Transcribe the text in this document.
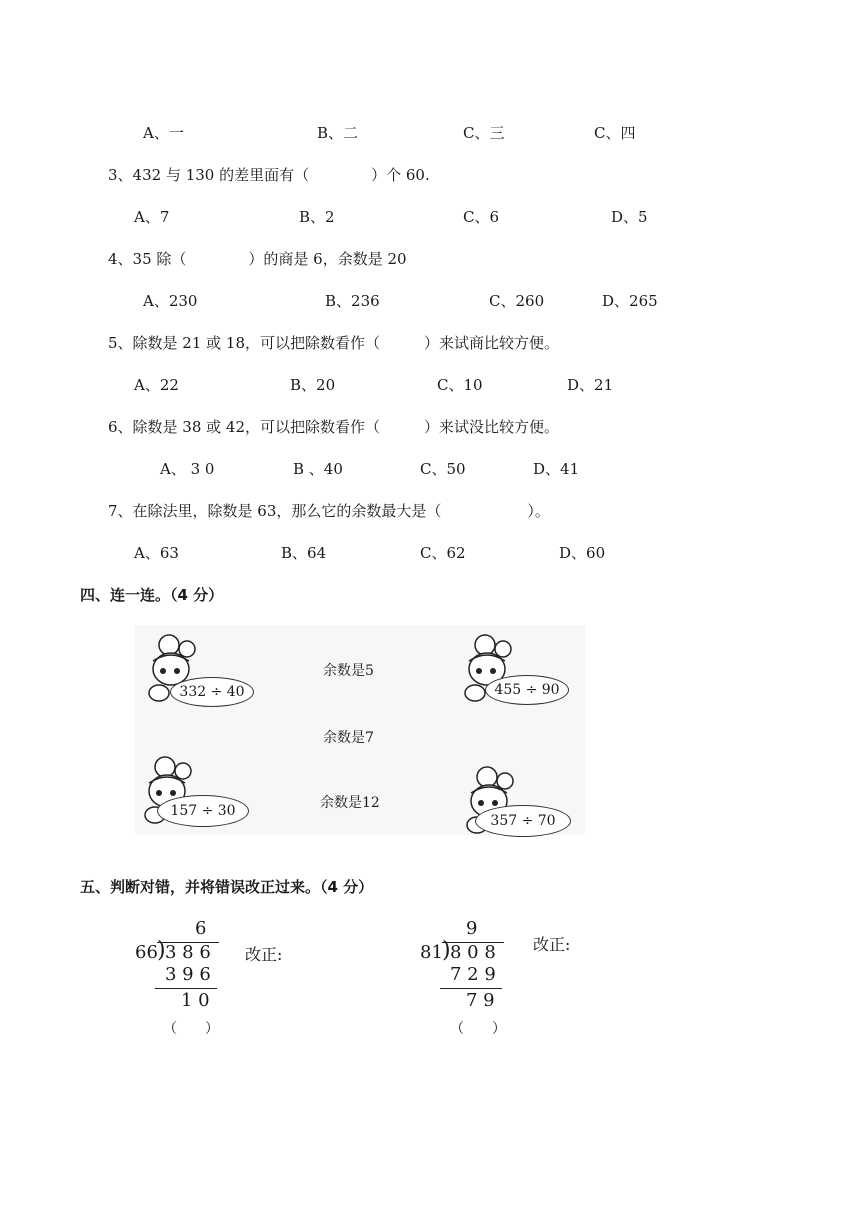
A、一	B、二	C、三	C、四
3、432 与 130 的差里面有（	）个 60.
A、7	B、2	C、6	D、5
4、35 除（	）的商是 6，余数是 20
A、230	B、236	C、260	D、265
5、除数是 21 或 18，可以把除数看作（	）来试商比较方便。
A、22	B、20	C、10	D、21
6、除数是 38 或 42，可以把除数看作（	）来试没比较方便。
A、 3 0	B 、40	C、50	D、41
7、在除法里，除数是 63，那么它的余数最大是（	）。
A、63	B、64	C、62	D、60
四、连一连。（4 分）
332 ÷ 40	455 ÷ 90
157 ÷ 30
357 ÷ 70
余数是5
余数是7
余数是12
五、判断对错，并将错误改正过来。（4 分）
6
66 ) 3 8 6
3 9 6
1 0
（　　）
改正:
9
81 ) 8 0 8
7 2 9
7 9
（　　）
改正:
